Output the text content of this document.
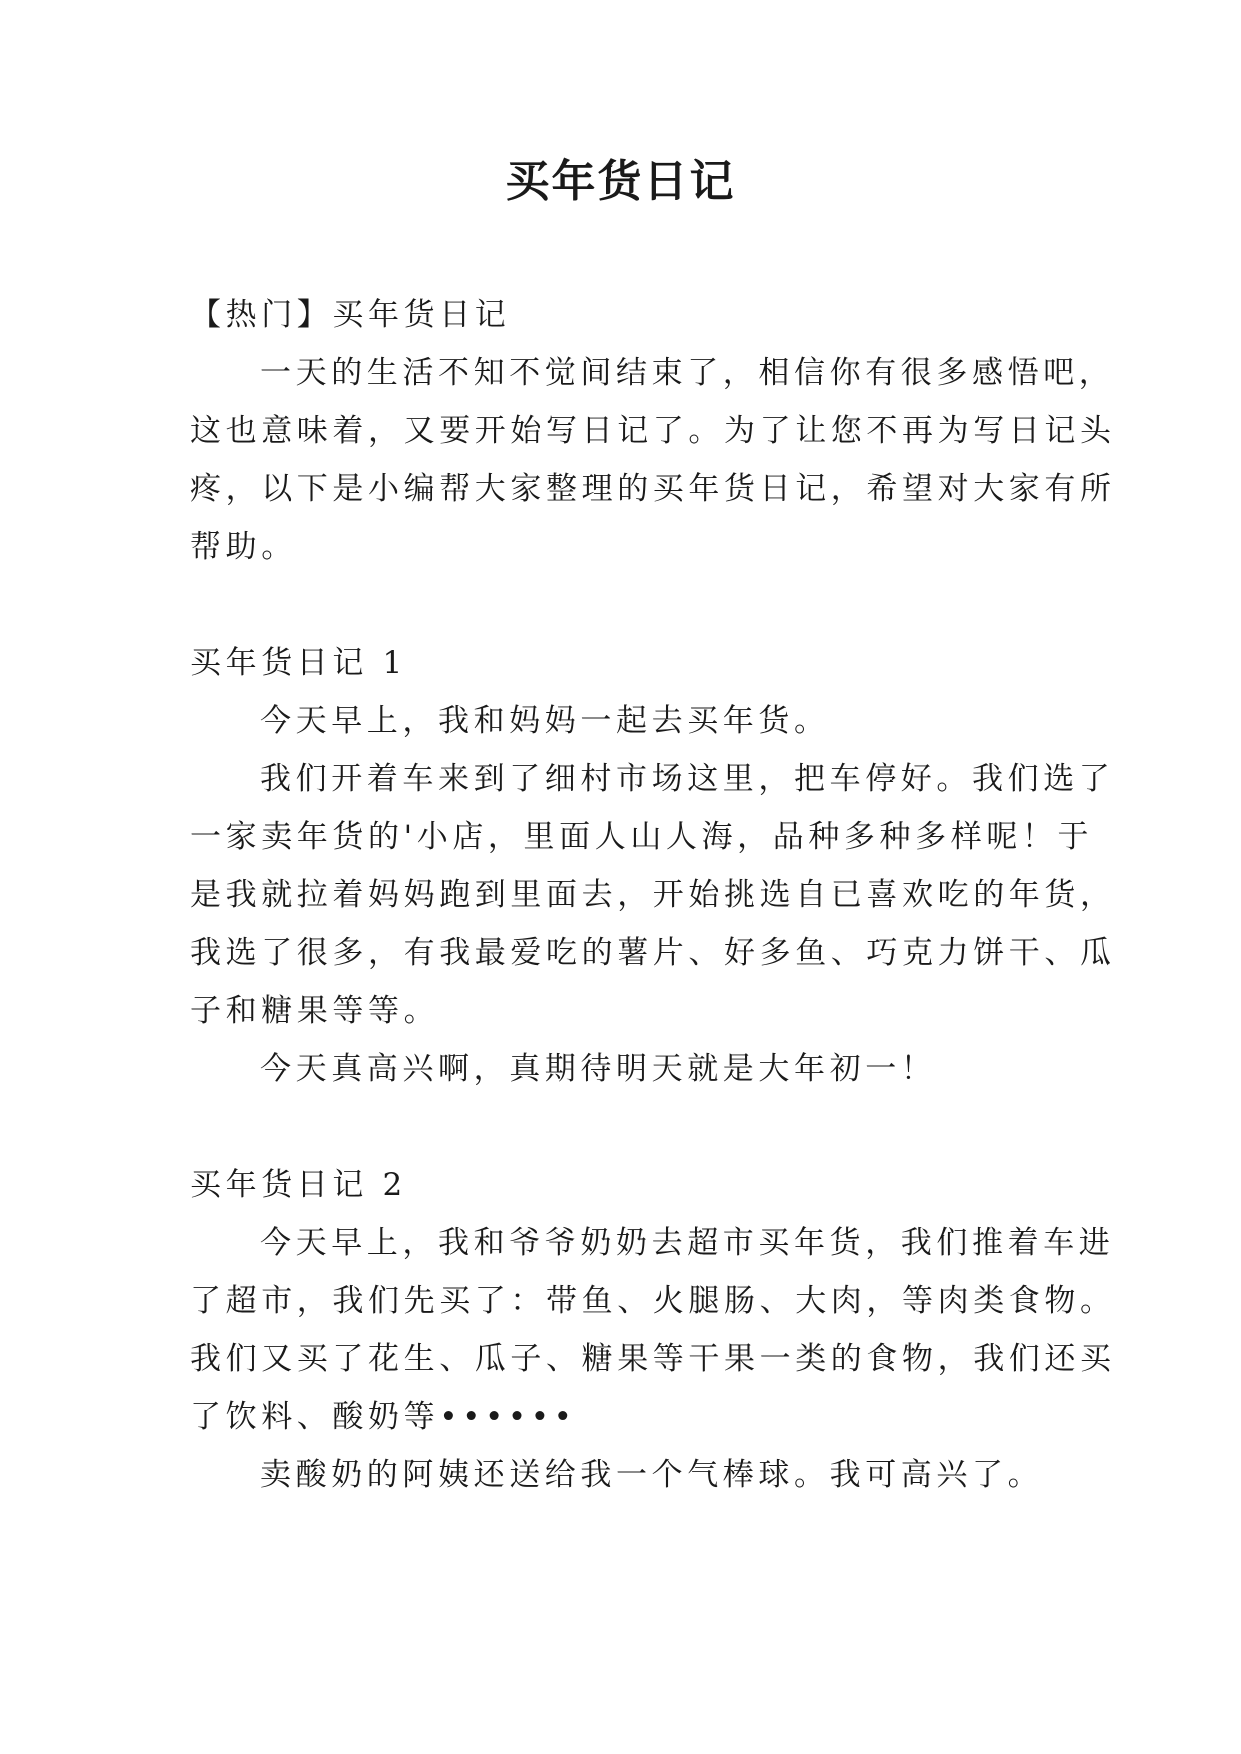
买年货日记

【热门】买年货日记

一天的生活不知不觉间结束了，相信你有很多感悟吧，

这也意味着，又要开始写日记了。为了让您不再为写日记头

疼，以下是小编帮大家整理的买年货日记，希望对大家有所

帮助。

买年货日记 1

今天早上，我和妈妈一起去买年货。

我们开着车来到了细村市场这里，把车停好。我们选了

一家卖年货的'小店，里面人山人海，品种多种多样呢！于

是我就拉着妈妈跑到里面去，开始挑选自已喜欢吃的年货，

我选了很多，有我最爱吃的薯片、好多鱼、巧克力饼干、瓜

子和糖果等等。

今天真高兴啊，真期待明天就是大年初一！

买年货日记 2

今天早上，我和爷爷奶奶去超市买年货，我们推着车进

了超市，我们先买了：带鱼、火腿肠、大肉，等肉类食物。

我们又买了花生、瓜子、糖果等干果一类的食物，我们还买

了饮料、酸奶等••••••

卖酸奶的阿姨还送给我一个气棒球。我可高兴了。
